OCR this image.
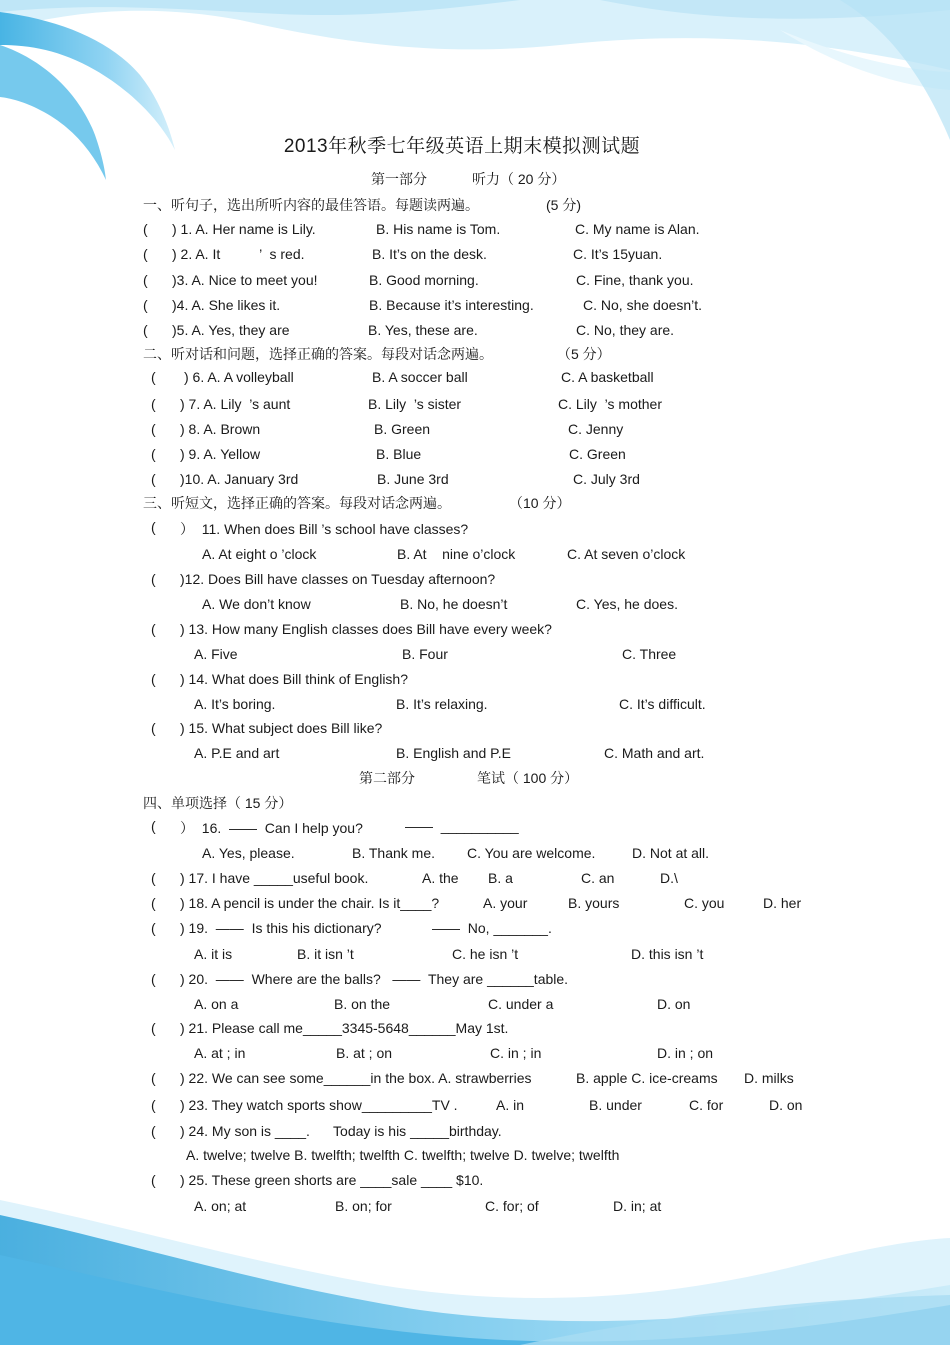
2013年秋季七年级英语上期末模拟测试题
第一部分	听力（ 20 分）
一、听句子，选出所听内容的最佳答语。每题读两遍。	(5 分)
( ) 1. A. Her name is Lily.	B. His name is Tom.	C. My name is Alan.
( ) 2. A. It          ’  s red.	B. It’s on the desk.	C. It’s 15yuan.
( )3. A. Nice to meet you!	B. Good morning.	C. Fine, thank you.
( )4. A. She likes it.	B. Because it’s interesting.	C. No, she doesn’t.
( )5. A. Yes, they are	B. Yes, these are.	C. No, they are.
二、听对话和问题，选择正确的答案。每段对话念两遍。	（5 分）
( ) 6. A. A volleyball	B. A soccer ball	C. A basketball
( ) 7. A. Lily  ’s aunt	B. Lily  ’s sister	C. Lily  ’s mother
( ) 8. A. Brown	B. Green	C. Jenny
( ) 9. A. Yellow	B. Blue	C. Green
( )10. A. January 3rd	B. June 3rd	C. July 3rd
三、听短文，选择正确的答案。每段对话念两遍。	（10 分）
( ）  11. When does Bill ’s school have classes?
A. At eight o ’clock	B. At    nine o’clock	C. At seven o’clock
( )12. Does Bill have classes on Tuesday afternoon?
A. We don’t know	B. No, he doesn’t	C. Yes, he does.
( ) 13. How many English classes does Bill have every week?
A. Five	B. Four	C. Three
( ) 14. What does Bill think of English?
A. It’s boring.	B. It’s relaxing.	C. It’s difficult.
( ) 15. What subject does Bill like?
A. P.E and art	B. English and P.E	C. Math and art.
第二部分	笔试（ 100 分）
四、单项选择（ 15 分）
( ）  16.  ——  Can I help you?	——  __________
A. Yes, please.	B. Thank me. C. You are welcome.	D. Not at all.
( ) 17. I have _____useful book.	A. the B. a	C. an	D.\
( ) 18. A pencil is under the chair. Is it____?	A. your	B. yours	C. you	D. her
( ) 19.  ——  Is this his dictionary?	——  No, _______.
A. it is	B. it isn ’t	C. he isn ’t	D. this isn ’t
( ) 20.  ——  Where are the balls?   ——  They are ______table.
A. on a	B. on the	C. under a	D. on
( ) 21. Please call me_____3345-5648______May 1st.
A. at ; in	B. at ; on	C. in ; in	D. in ; on
( ) 22. We can see some______in the box. A. strawberries	B. apple C. ice-creams D. milks
( ) 23. They watch sports show_________TV .	A. in	B. under	C. for	D. on
( ) 24. My son is ____.      Today is his _____birthday.
A. twelve; twelve B. twelfth; twelfth C. twelfth; twelve D. twelve; twelfth
( ) 25. These green shorts are ____sale ____ $10.
A. on; at	B. on; for	C. for; of	D. in; at
